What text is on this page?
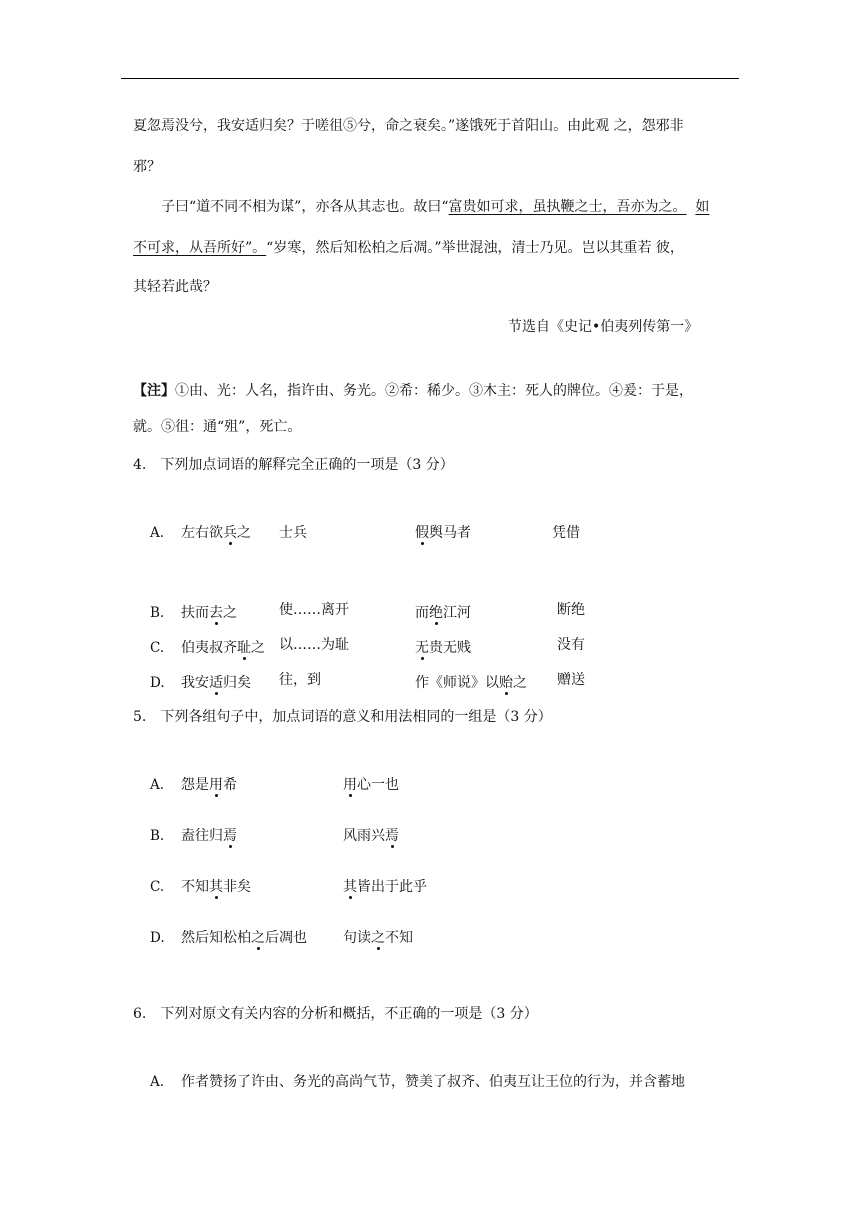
夏忽焉没兮，我安适归矣？于嗟徂⑤兮，命之衰矣。”遂饿死于首阳山。由此观 之，怨邪非
邪？
子曰“道不同不相为谋”，亦各从其志也。故曰“富贵如可求，虽执鞭之士，吾亦为之。 如
不可求，从吾所好”。“岁寒，然后知松柏之后凋。”举世混浊，清士乃见。岂以其重若 彼，
其轻若此哉？
节选自《史记•伯夷列传第一》
【注】①由、光：人名，指许由、务光。②希：稀少。③木主：死人的牌位。④爰：于是，
就。⑤徂：通“殂”，死亡。
4.　下列加点词语的解释完全正确的一项是（3 分）
A. 左右欲兵之 士兵	假舆马者	凭借
B. 扶而去之	使……离开	而绝江河	断绝
C. 伯夷叔齐耻之 以……为耻	无贵无贱	没有
D. 我安适归矣 往，到	作《师说》以贻之 赠送
5.　下列各组句子中，加点词语的意义和用法相同的一组是（3 分）
A. 怨是用希	用心一也
B. 盍往归焉	风雨兴焉
C. 不知其非矣	其皆出于此乎
D. 然后知松柏之后凋也	句读之不知
6.　下列对原文有关内容的分析和概括，不正确的一项是（3 分）
A. 作者赞扬了许由、务光的高尚气节，赞美了叔齐、伯夷互让王位的行为，并含蓄地
